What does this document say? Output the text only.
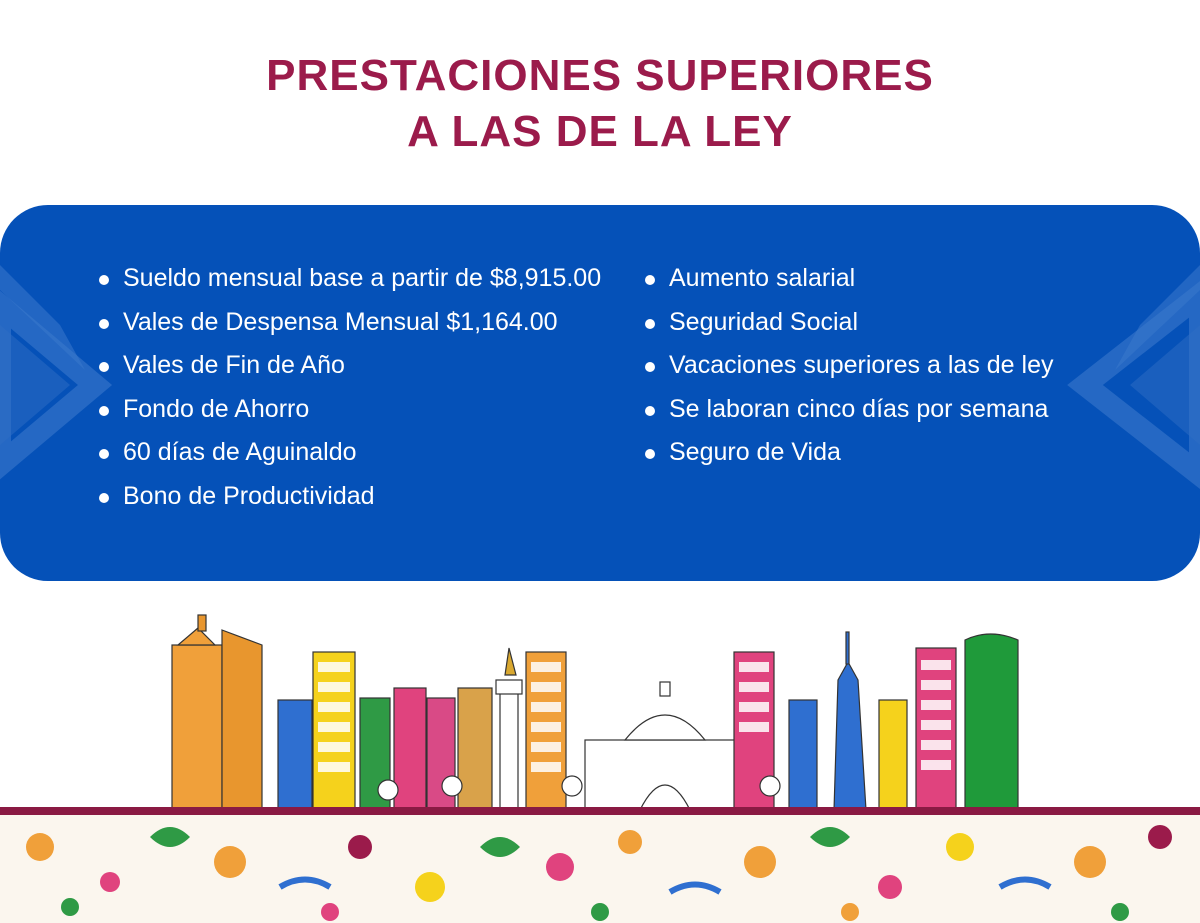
PRESTACIONES SUPERIORES
A LAS DE LA LEY
Sueldo mensual base a partir de $8,915.00
Vales de Despensa Mensual $1,164.00
Vales de Fin de Año
Fondo de Ahorro
60 días de Aguinaldo
Bono de Productividad
Aumento salarial
Seguridad Social
Vacaciones superiores a las de ley
Se laboran cinco días por semana
Seguro de Vida
